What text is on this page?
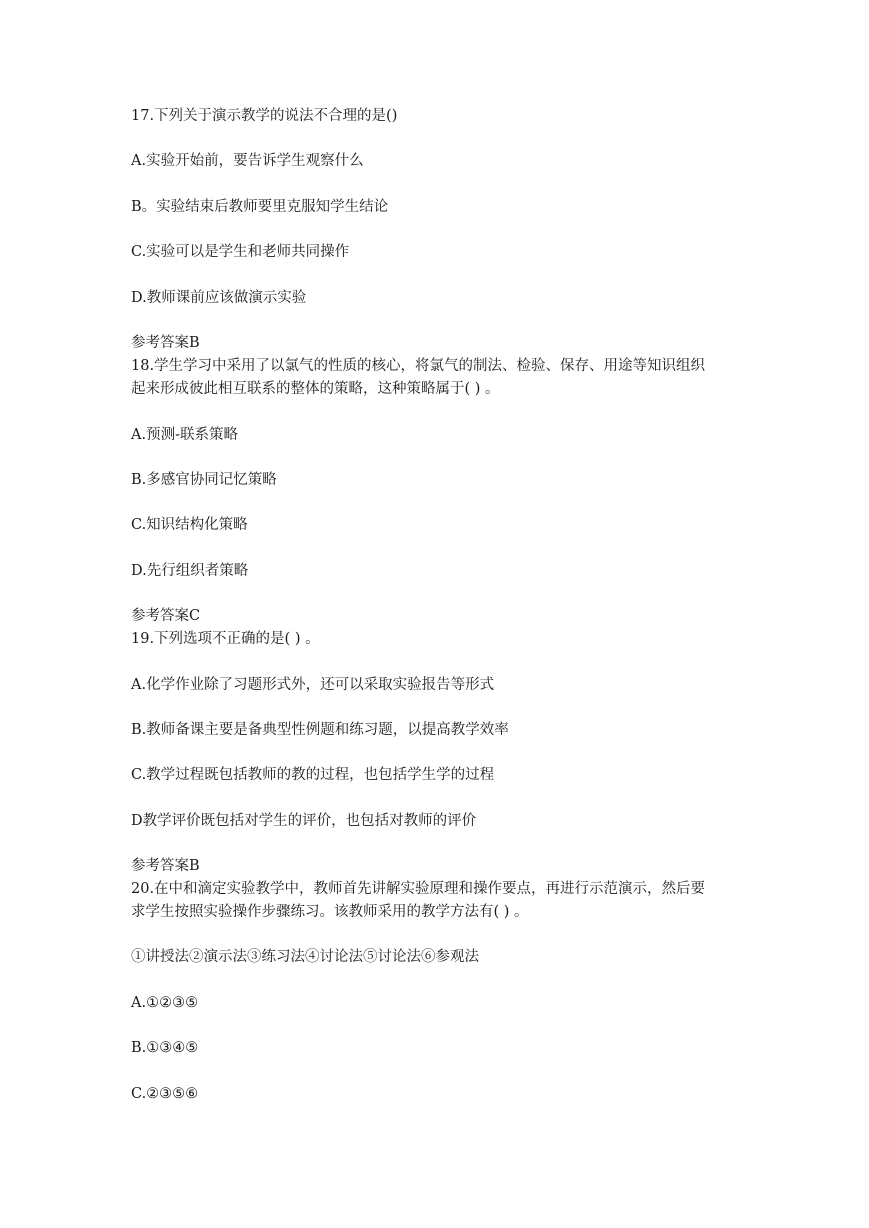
17.下列关于演示教学的说法不合理的是()
A.实验开始前，要告诉学生观察什么
B。实验结束后教师要里克服知学生结论
C.实验可以是学生和老师共同操作
D.教师课前应该做演示实验
参考答案B
18.学生学习中采用了以氯气的性质的核心，将氯气的制法、检验、保存、用途等知识组织
起来形成彼此相互联系的整体的策略，这种策略属于( ) 。
A.预测-联系策略
B.多感官协同记忆策略
C.知识结构化策略
D.先行组织者策略
参考答案C
19.下列选项不正确的是( ) 。
A.化学作业除了习题形式外，还可以采取实验报告等形式
B.教师备课主要是备典型性例题和练习题，以提高教学效率
C.教学过程既包括教师的教的过程，也包括学生学的过程
D教学评价既包括对学生的评价，也包括对教师的评价
参考答案B
20.在中和滴定实验教学中，教师首先讲解实验原理和操作要点，再进行示范演示，然后要
求学生按照实验操作步骤练习。该教师采用的教学方法有( ) 。
①讲授法②演示法③练习法④讨论法⑤讨论法⑥参观法
A.①②③⑤
B.①③④⑤
C.②③⑤⑥
